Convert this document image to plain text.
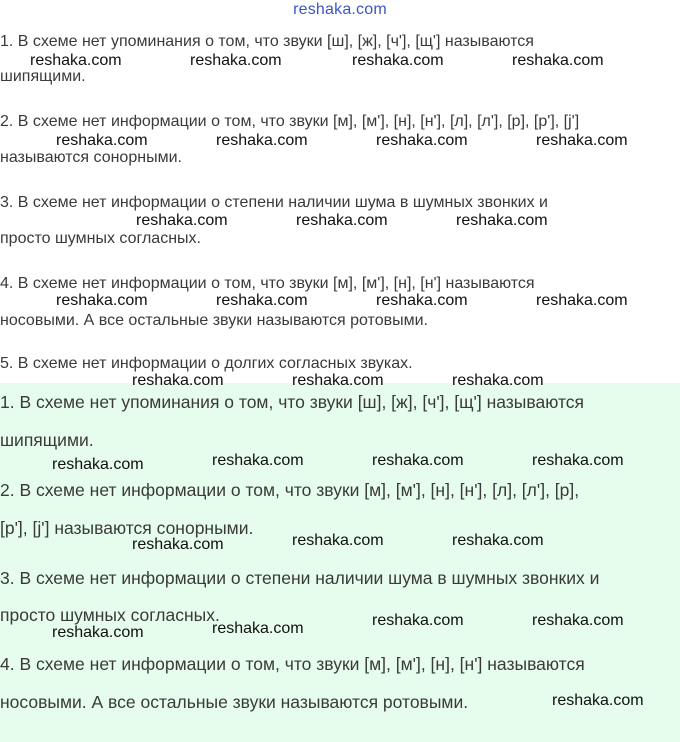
reshaka.com
1. В схеме нет упоминания о том, что звуки [ш], [ж], [ч'], [щ'] называются
шипящими.
2. В схеме нет информации о том, что звуки [м], [м'], [н], [н'], [л], [л'], [р], [р'], [j']
называются сонорными.
3. В схеме нет информации о степени наличии шума в шумных звонких и
просто шумных согласных.
4. В схеме нет информации о том, что звуки [м], [м'], [н], [н'] называются
носовыми. А все остальные звуки называются ротовыми.
5. В схеме нет информации о долгих согласных звуках.
1. В схеме нет упоминания о том, что звуки [ш], [ж], [ч'], [щ'] называются
шипящими.
2. В схеме нет информации о том, что звуки [м], [м'], [н], [н'], [л], [л'], [р],
[р'], [j'] называются сонорными.
3. В схеме нет информации о степени наличии шума в шумных звонких и
просто шумных согласных.
4. В схеме нет информации о том, что звуки [м], [м'], [н], [н'] называются
носовыми. А все остальные звуки называются ротовыми.
reshaka.com	reshaka.com	reshaka.com	reshaka.com
reshaka.com	reshaka.com	reshaka.com	reshaka.com
reshaka.com	reshaka.com	reshaka.com
reshaka.com	reshaka.com	reshaka.com	reshaka.com
reshaka.com	reshaka.com	reshaka.com
reshaka.com	reshaka.com	reshaka.com	reshaka.com
reshaka.com	reshaka.com	reshaka.com
reshaka.com	reshaka.com	reshaka.com	reshaka.com
reshaka.com
